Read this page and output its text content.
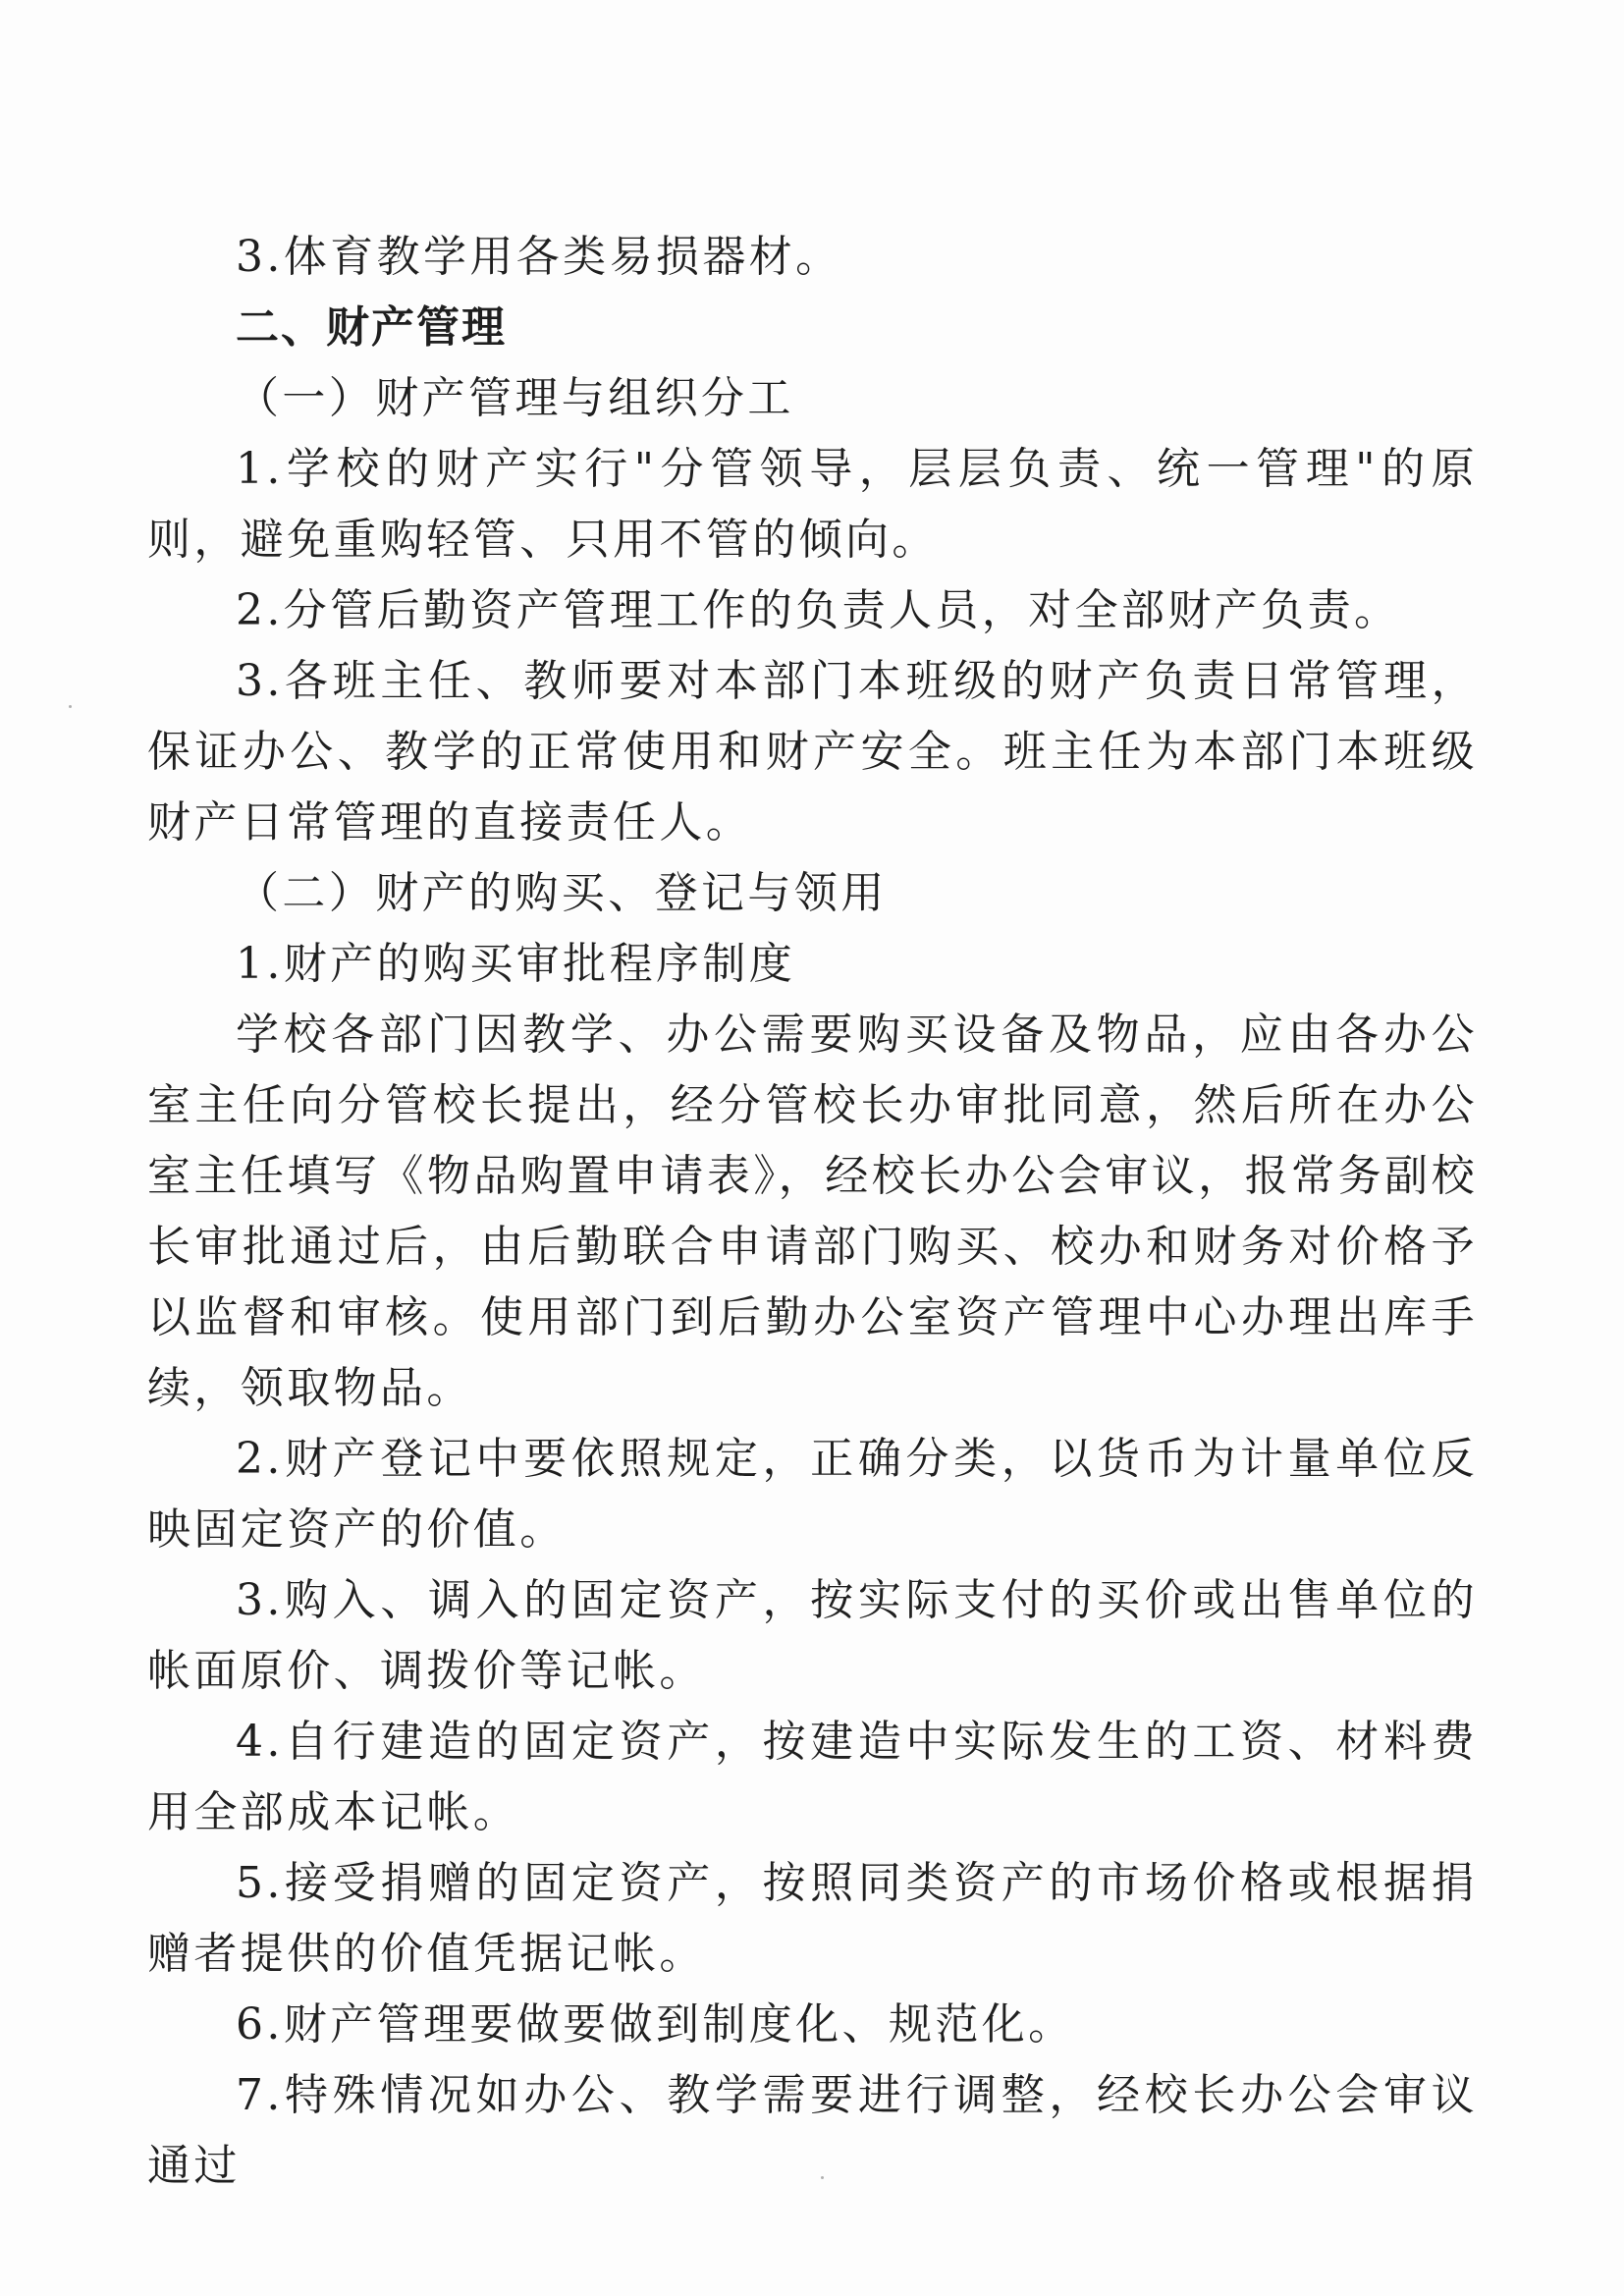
3.体育教学用各类易损器材。

二、财产管理

（一）财产管理与组织分工

1.学校的财产实行"分管领导，层层负责、统一管理"的原则，避免重购轻管、只用不管的倾向。

2.分管后勤资产管理工作的负责人员，对全部财产负责。

3.各班主任、教师要对本部门本班级的财产负责日常管理，保证办公、教学的正常使用和财产安全。班主任为本部门本班级财产日常管理的直接责任人。

（二）财产的购买、登记与领用

1.财产的购买审批程序制度

学校各部门因教学、办公需要购买设备及物品，应由各办公室主任向分管校长提出，经分管校长办审批同意，然后所在办公室主任填写《物品购置申请表》，经校长办公会审议，报常务副校长审批通过后，由后勤联合申请部门购买、校办和财务对价格予以监督和审核。使用部门到后勤办公室资产管理中心办理出库手续，领取物品。

2.财产登记中要依照规定，正确分类，以货币为计量单位反映固定资产的价值。

3.购入、调入的固定资产，按实际支付的买价或出售单位的帐面原价、调拨价等记帐。

4.自行建造的固定资产，按建造中实际发生的工资、材料费用全部成本记帐。

5.接受捐赠的固定资产，按照同类资产的市场价格或根据捐赠者提供的价值凭据记帐。

6.财产管理要做要做到制度化、规范化。

7.特殊情况如办公、教学需要进行调整，经校长办公会审议通过
